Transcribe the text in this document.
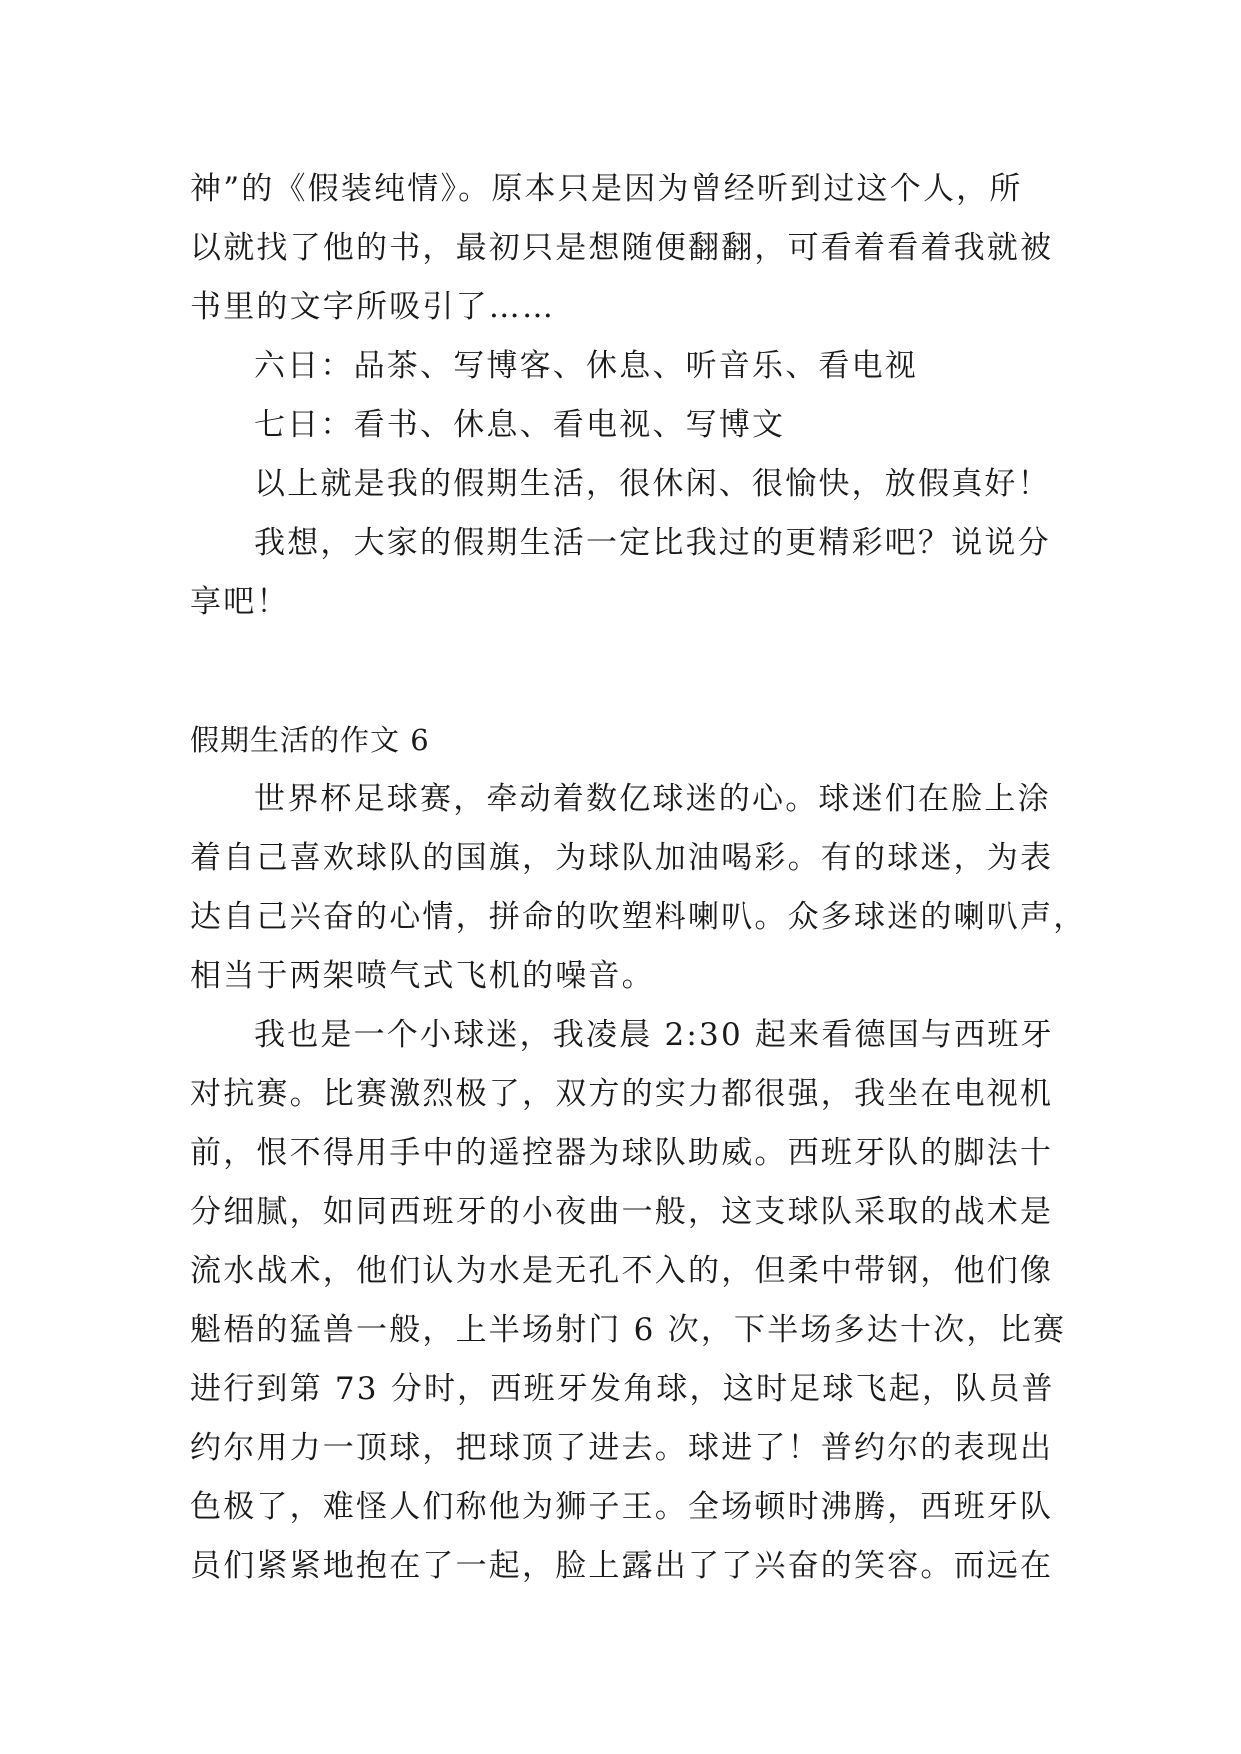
神”的《假装纯情》。原本只是因为曾经听到过这个人，所
以就找了他的书，最初只是想随便翻翻，可看着看着我就被
书里的文字所吸引了……
六日：品茶、写博客、休息、听音乐、看电视
七日：看书、休息、看电视、写博文
以上就是我的假期生活，很休闲、很愉快，放假真好！
我想，大家的假期生活一定比我过的更精彩吧？说说分
享吧！
假期生活的作文 6
世界杯足球赛，牵动着数亿球迷的心。球迷们在脸上涂
着自己喜欢球队的国旗，为球队加油喝彩。有的球迷，为表
达自己兴奋的心情，拼命的吹塑料喇叭。众多球迷的喇叭声，
相当于两架喷气式飞机的噪音。
我也是一个小球迷，我凌晨 2:30 起来看德国与西班牙
对抗赛。比赛激烈极了，双方的实力都很强，我坐在电视机
前，恨不得用手中的遥控器为球队助威。西班牙队的脚法十
分细腻，如同西班牙的小夜曲一般，这支球队采取的战术是
流水战术，他们认为水是无孔不入的，但柔中带钢，他们像
魁梧的猛兽一般，上半场射门 6 次，下半场多达十次，比赛
进行到第 73 分时，西班牙发角球，这时足球飞起，队员普
约尔用力一顶球，把球顶了进去。球进了！普约尔的表现出
色极了，难怪人们称他为狮子王。全场顿时沸腾，西班牙队
员们紧紧地抱在了一起，脸上露出了了兴奋的笑容。而远在
